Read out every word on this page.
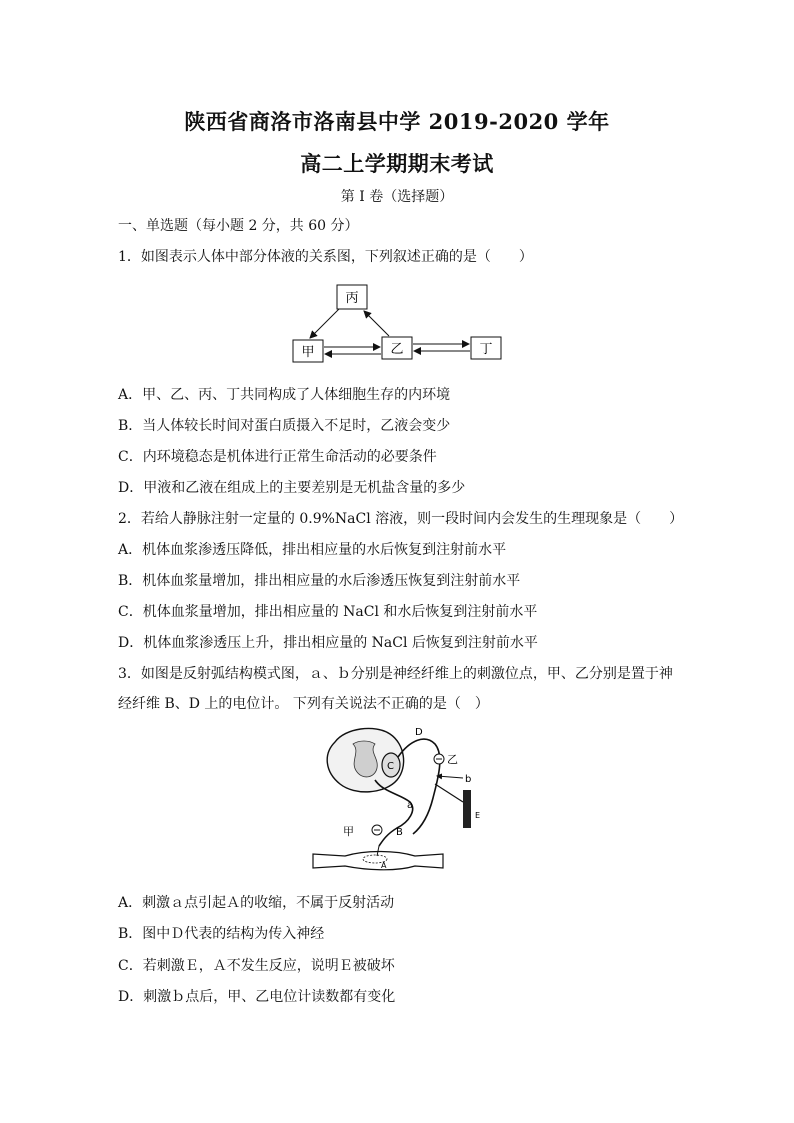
陕西省商洛市洛南县中学 2019-2020 学年
高二上学期期末考试
第 I 卷（选择题）
一、单选题（每小题 2 分，共 60 分）
1．如图表示人体中部分体液的关系图，下列叙述正确的是（　　）
丙
甲	乙	丁
A．甲、乙、丙、丁共同构成了人体细胞生存的内环境
B．当人体较长时间对蛋白质摄入不足时，乙液会变少
C．内环境稳态是机体进行正常生命活动的必要条件
D．甲液和乙液在组成上的主要差别是无机盐含量的多少
2．若给人静脉注射一定量的 0.9%NaCl 溶液，则一段时间内会发生的生理现象是（　　）
A．机体血浆渗透压降低，排出相应量的水后恢复到注射前水平
B．机体血浆量增加，排出相应量的水后渗透压恢复到注射前水平
C．机体血浆量增加，排出相应量的 NaCl 和水后恢复到注射前水平
D．机体血浆渗透压上升，排出相应量的 NaCl 后恢复到注射前水平
3．如图是反射弧结构模式图，ａ、ｂ分别是神经纤维上的刺激位点，甲、乙分别是置于神经纤维 B、D 上的电位计。 下列有关说法不正确的是（　）
C
D
乙
b
E
a
B
甲
A
A．刺激ａ点引起Ａ的收缩，不属于反射活动
B．图中Ｄ代表的结构为传入神经
C．若刺激Ｅ，Ａ不发生反应，说明Ｅ被破坏
D．刺激ｂ点后，甲、乙电位计读数都有变化
